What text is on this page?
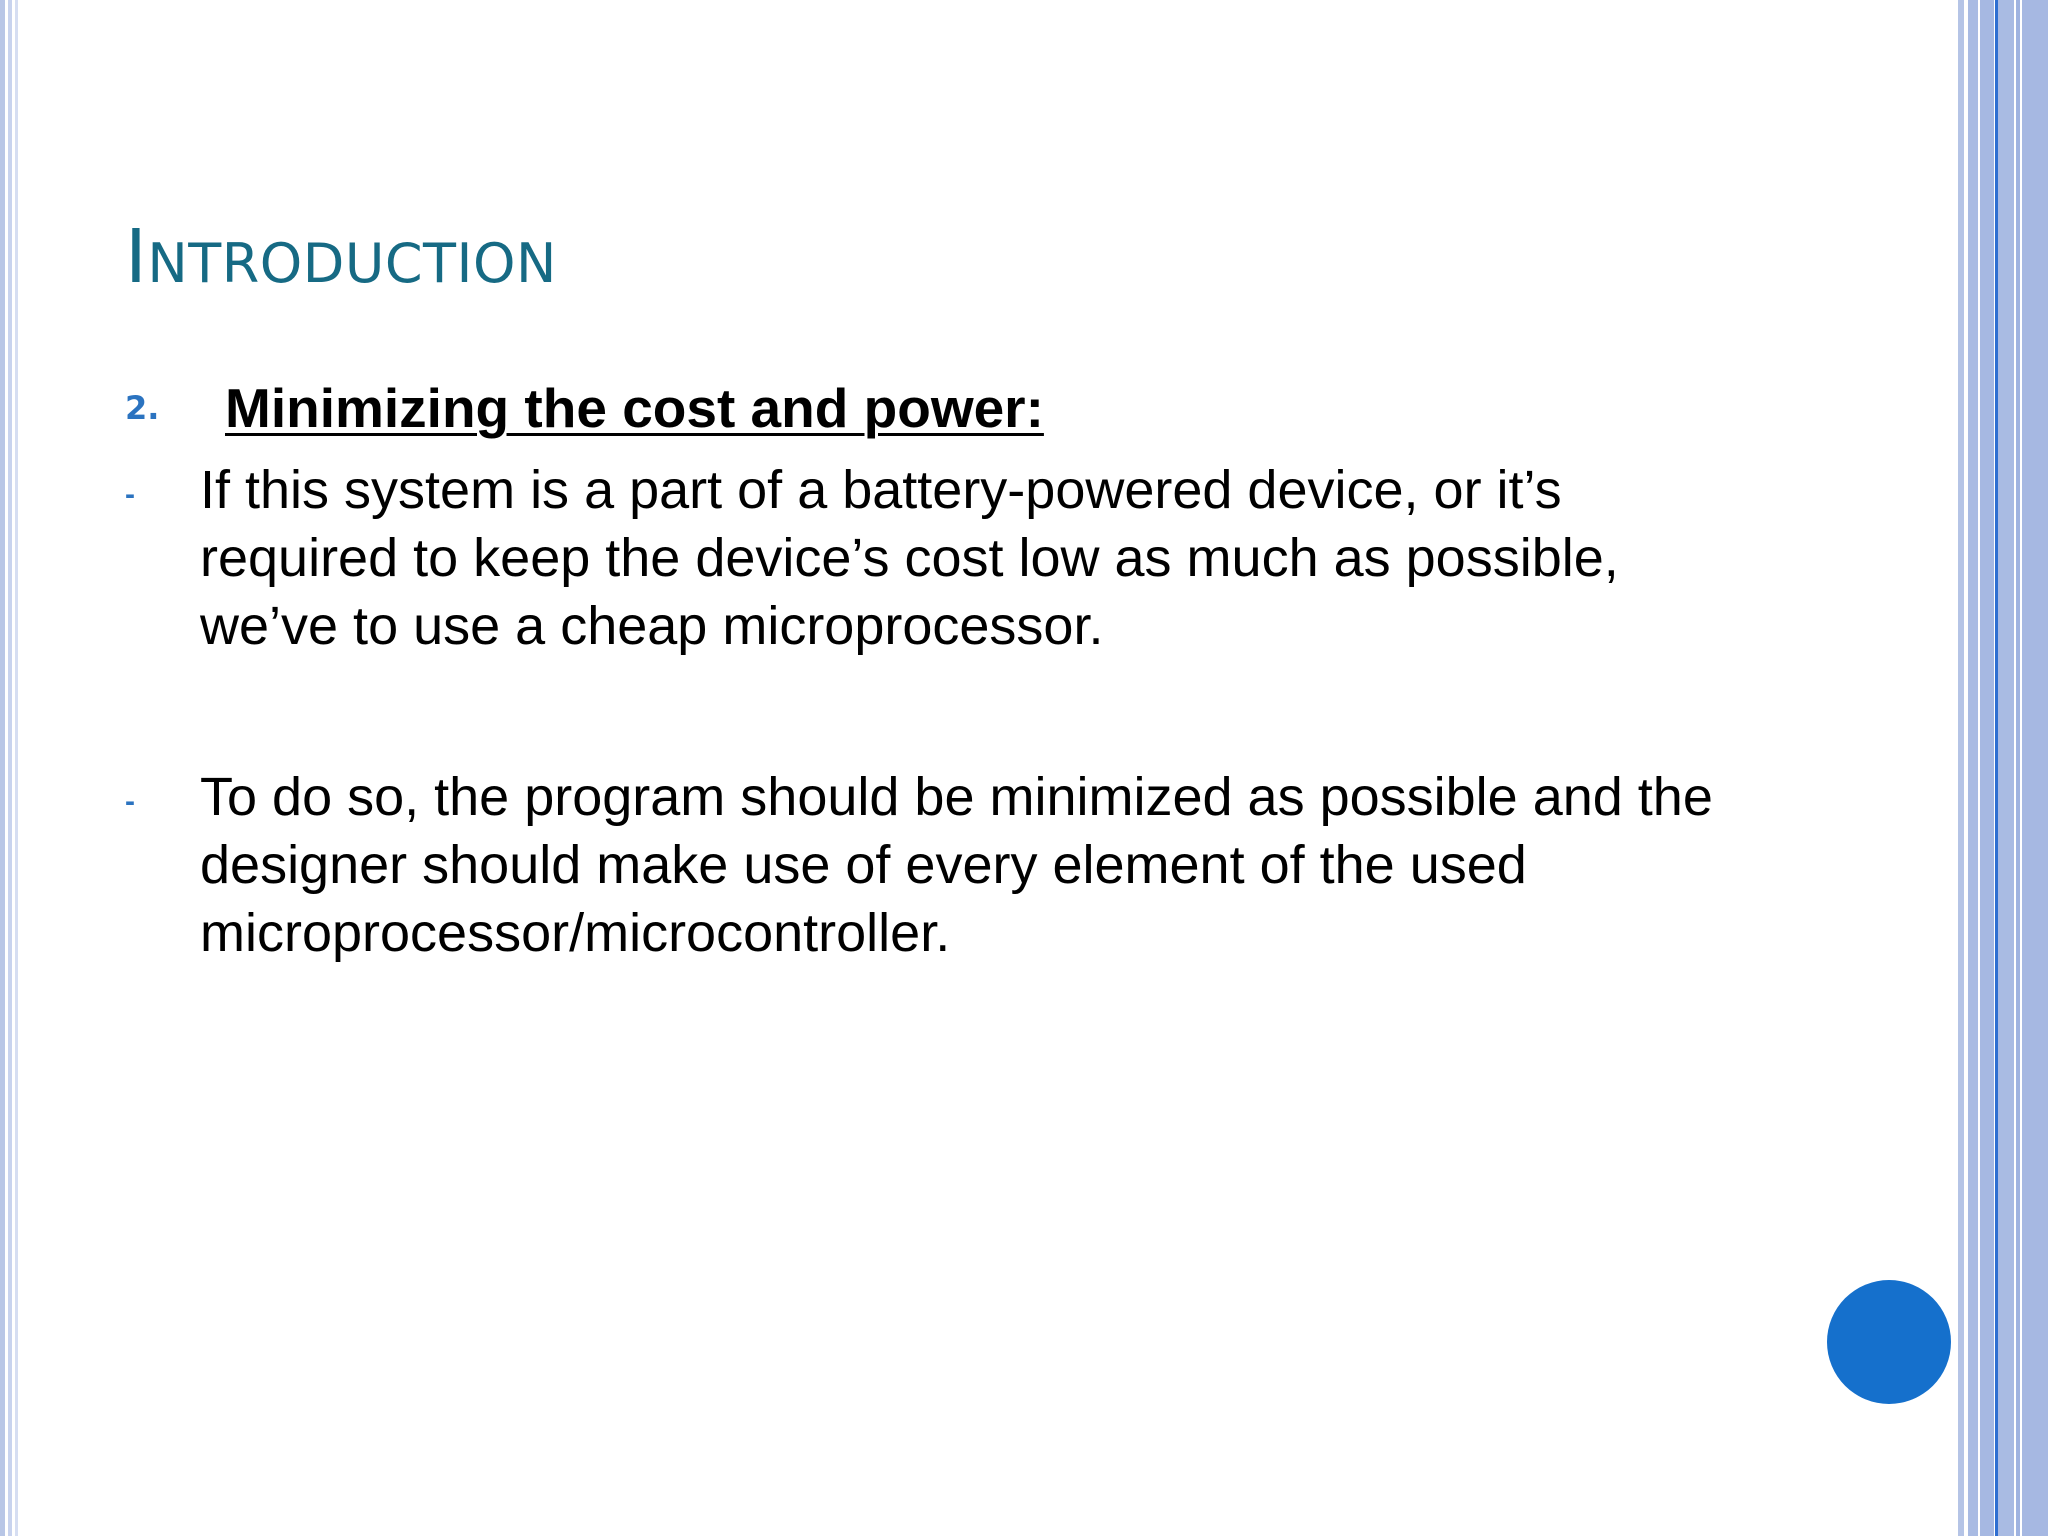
INTRODUCTION
2. Minimizing the cost and power:
- If this system is a part of a battery-powered device, or it’s required to keep the device’s cost low as much as possible, we’ve to use a cheap microprocessor.

- To do so, the program should be minimized as possible and the designer should make use of every element of the used microprocessor/microcontroller.
